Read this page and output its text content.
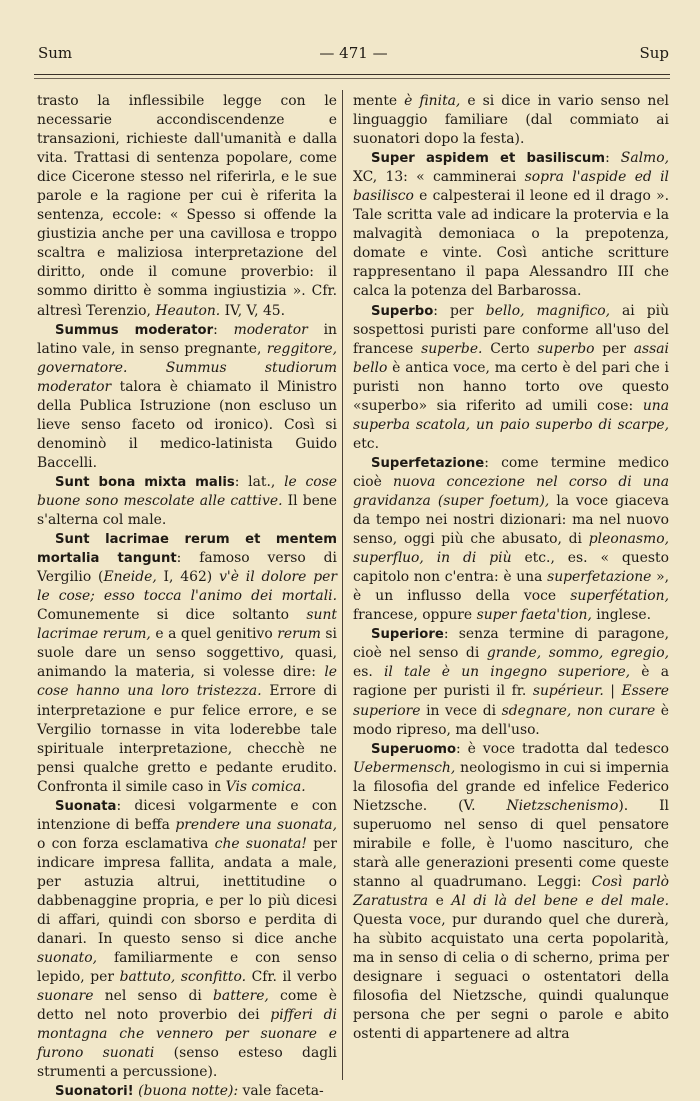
Sum	— 471 —	Sup

trasto la inflessibile legge con le necessarie accondiscendenze e transazioni, richieste dall'umanità e dalla vita. Trattasi di sentenza popolare, come dice Cicerone stesso nel riferirla, e le sue parole e la ragione per cui è riferita la sentenza, eccole: « Spesso si offende la giustizia anche per una cavillosa e troppo scaltra e maliziosa interpretazione del diritto, onde il comune proverbio: il sommo diritto è somma ingiustizia ». Cfr. altresì Terenzio, Heauton. IV, V, 45.

Summus moderator: moderator in latino vale, in senso pregnante, reggitore, governatore. Summus studiorum moderator talora è chiamato il Ministro della Publica Istruzione (non escluso un lieve senso faceto od ironico). Così si denominò il medico-latinista Guido Baccelli.

Sunt bona mixta malis: lat., le cose buone sono mescolate alle cattive. Il bene s'alterna col male.

Sunt lacrimae rerum et mentem mortalia tangunt: famoso verso di Vergilio (Eneide, I, 462) v'è il dolore per le cose; esso tocca l'animo dei mortali. Comunemente si dice soltanto sunt lacrimae rerum, e a quel genitivo rerum si suole dare un senso soggettivo, quasi, animando la materia, si volesse dire: le cose hanno una loro tristezza. Errore di interpretazione e pur felice errore, e se Vergilio tornasse in vita loderebbe tale spirituale interpretazione, checchè ne pensi qualche gretto e pedante erudito. Confronta il simile caso in Vis comica.

Suonata: dicesi volgarmente e con intenzione di beffa prendere una suonata, o con forza esclamativa che suonata! per indicare impresa fallita, andata a male, per astuzia altrui, inettitudine o dabbenaggine propria, e per lo più dicesi di affari, quindi con sborso e perdita di danari. In questo senso si dice anche suonato, familiarmente e con senso lepido, per battuto, sconfitto. Cfr. il verbo suonare nel senso di battere, come è detto nel noto proverbio dei pifferi di montagna che vennero per suonare e furono suonati (senso esteso dagli strumenti a percussione).

Suonatori! (buona notte): vale faceta-

mente è finita, e si dice in vario senso nel linguaggio familiare (dal commiato ai suonatori dopo la festa).

Super aspidem et basiliscum: Salmo, XC, 13: « camminerai sopra l'aspide ed il basilisco e calpesterai il leone ed il drago ». Tale scritta vale ad indicare la protervia e la malvagità demoniaca o la prepotenza, domate e vinte. Così antiche scritture rappresentano il papa Alessandro III che calca la potenza del Barbarossa.

Superbo: per bello, magnifico, ai più sospettosi puristi pare conforme all'uso del francese superbe. Certo superbo per assai bello è antica voce, ma certo è del pari che i puristi non hanno torto ove questo «superbo» sia riferito ad umili cose: una superba scatola, un paio superbo di scarpe, etc.

Superfetazione: come termine medico cioè nuova concezione nel corso di una gravidanza (super foetum), la voce giaceva da tempo nei nostri dizionari: ma nel nuovo senso, oggi più che abusato, di pleonasmo, superfluo, in di più etc., es. « questo capitolo non c'entra: è una superfetazione », è un influsso della voce superfétation, francese, oppure super faeta'tion, inglese.

Superiore: senza termine di paragone, cioè nel senso di grande, sommo, egregio, es. il tale è un ingegno superiore, è a ragione per puristi il fr. supérieur. | Essere superiore in vece di sdegnare, non curare è modo ripreso, ma dell'uso.

Superuomo: è voce tradotta dal tedesco Uebermensch, neologismo in cui si impernia la filosofia del grande ed infelice Federico Nietzsche. (V. Nietzschenismo). Il superuomo nel senso di quel pensatore mirabile e folle, è l'uomo nascituro, che starà alle generazioni presenti come queste stanno al quadrumano. Leggi: Così parlò Zaratustra e Al di là del bene e del male. Questa voce, pur durando quel che durerà, ha sùbito acquistato una certa popolarità, ma in senso di celia o di scherno, prima per designare i seguaci o ostentatori della filosofia del Nietzsche, quindi qualunque persona che per segni o parole e abito ostenti di appartenere ad altra
